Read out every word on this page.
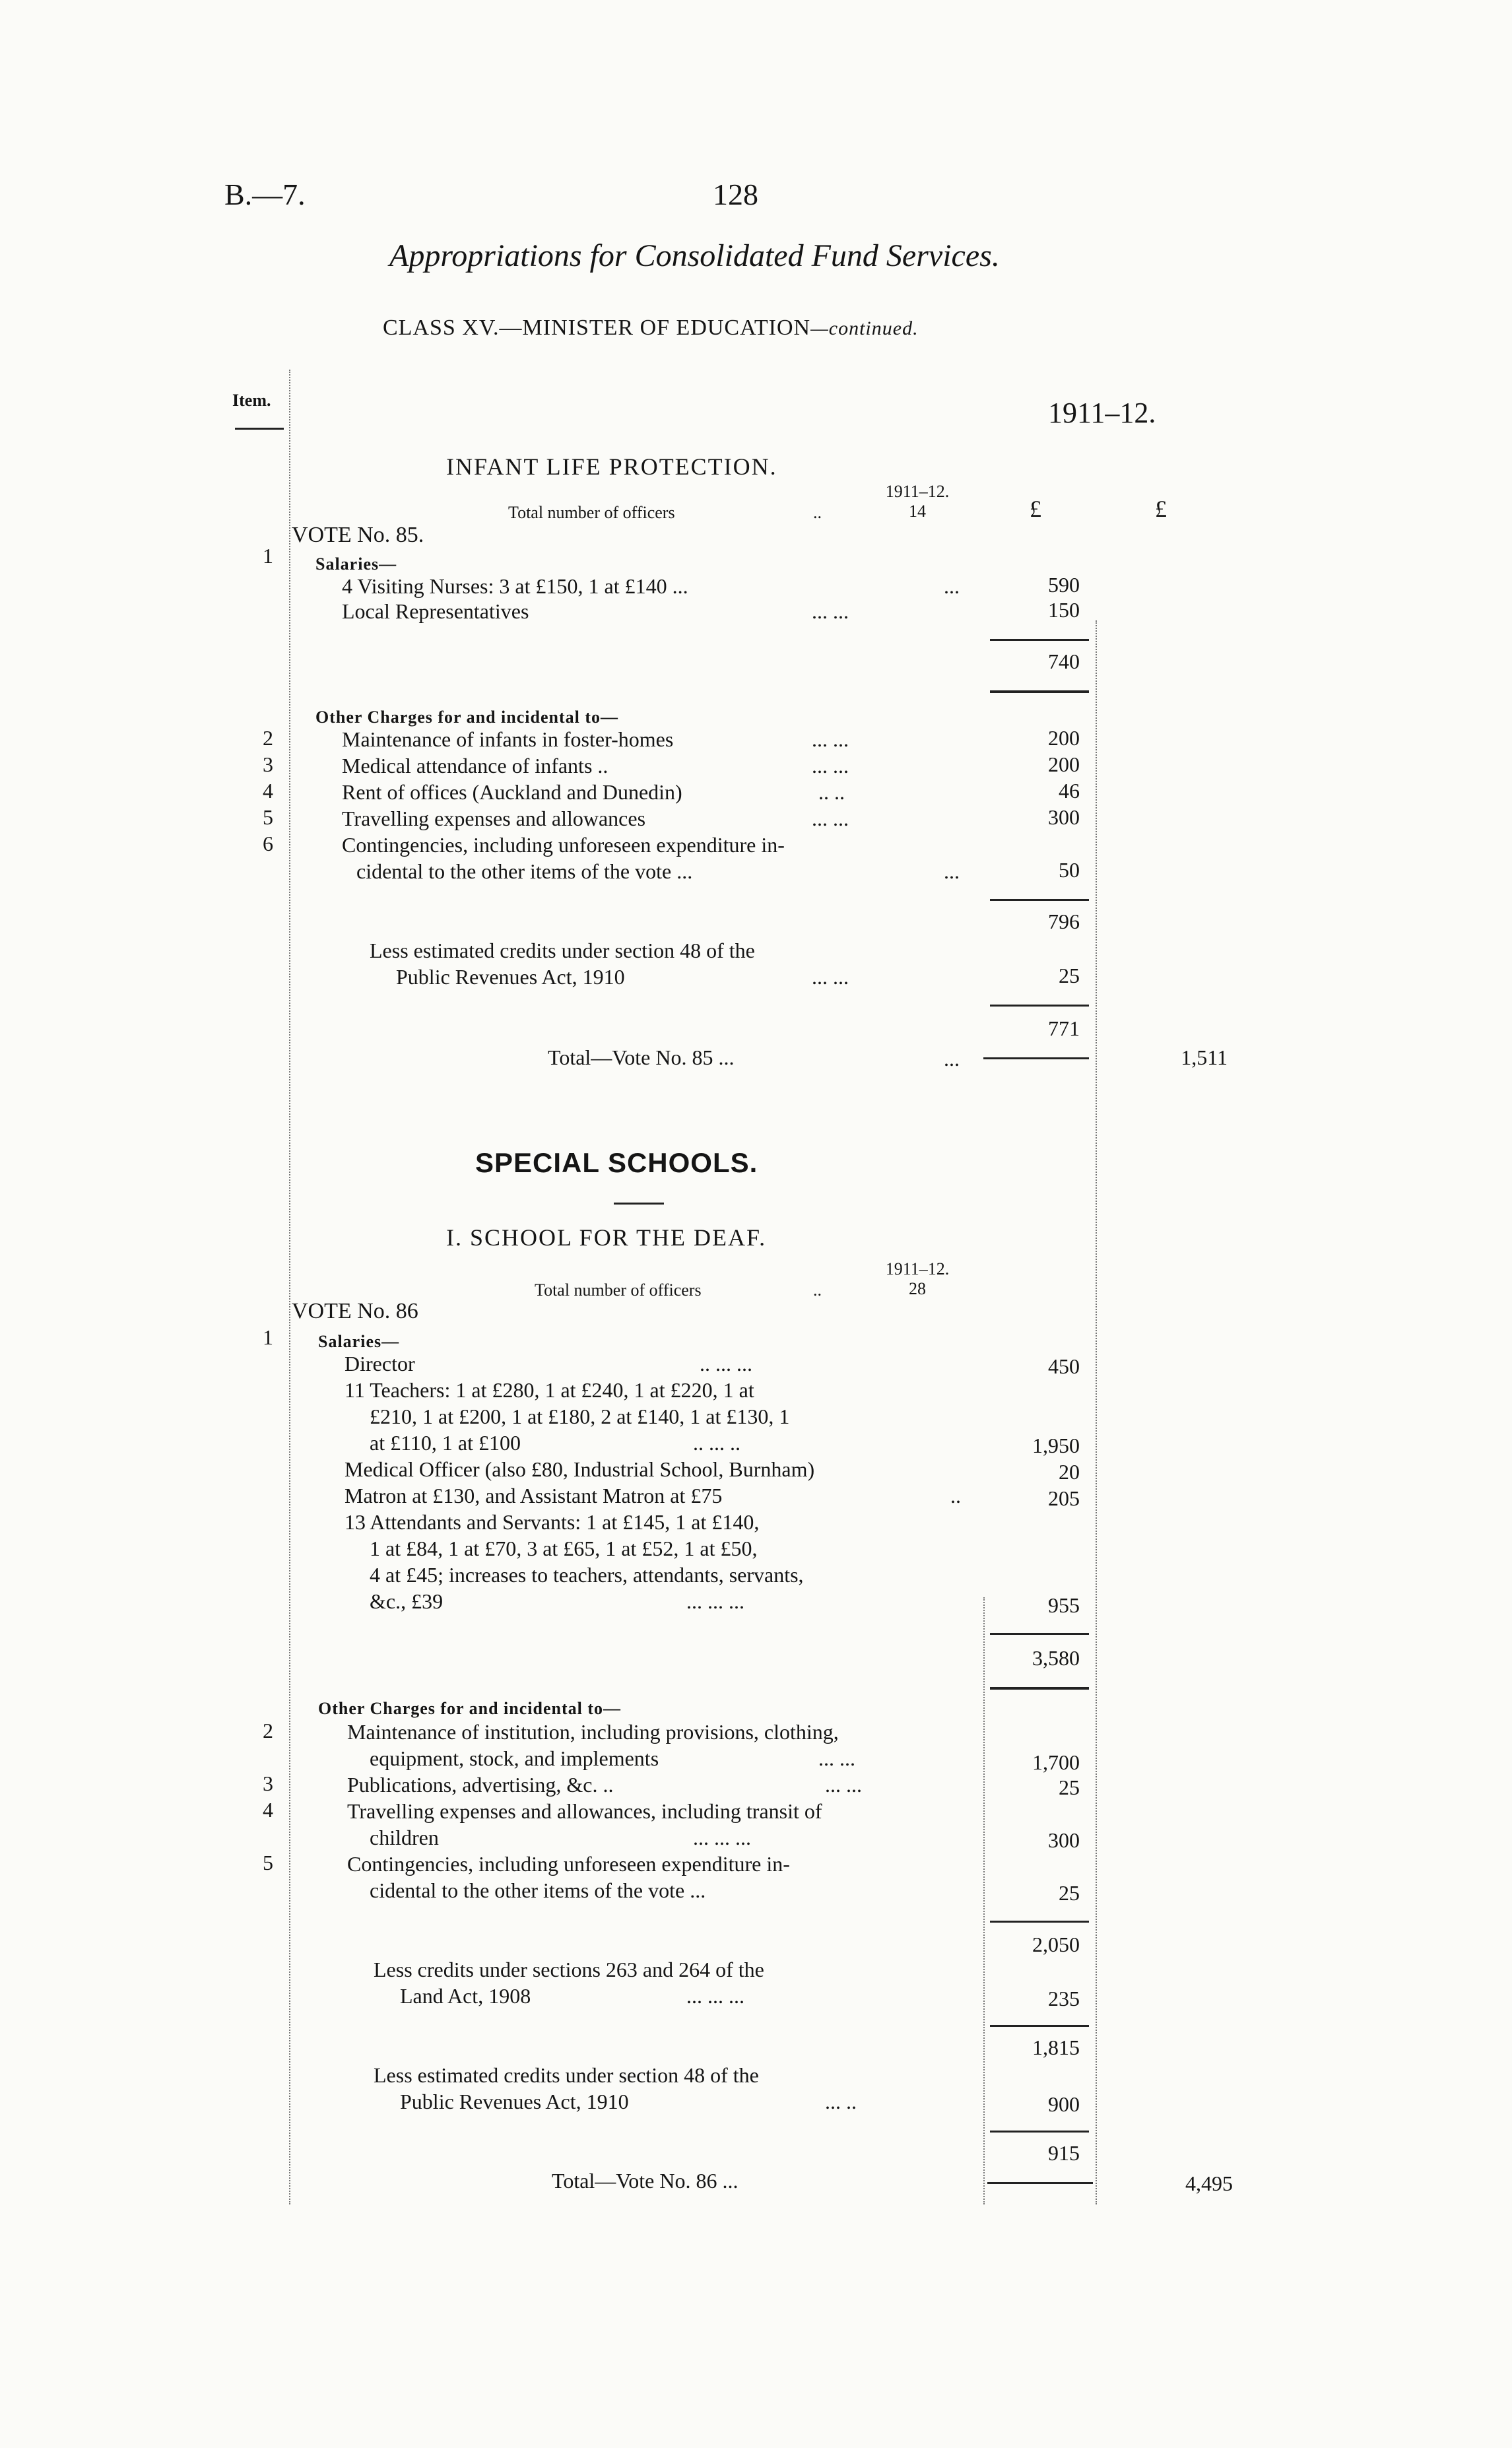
B.—7.	128
Appropriations for Consolidated Fund Services.
CLASS XV.—MINISTER OF EDUCATION—continued.
Item.	1911–12.
£	£
INFANT LIFE PROTECTION.
Total number of officers	..
1911–12.
14
VOTE No. 85.
1	Salaries—
4 Visiting Nurses: 3 at £150, 1 at £140 ...	...	590
Local Representatives	... ...	150
740
Other Charges for and incidental to—
2	Maintenance of infants in foster-homes	... ...	200
3	Medical attendance of infants ..	... ...	200
4	Rent of offices (Auckland and Dunedin)	.. ..	46
5	Travelling expenses and allowances	... ...	300
6	Contingencies, including unforeseen expenditure in-
cidental to the other items of the vote ...	...	50
796
Less estimated credits under section 48 of the
Public Revenues Act, 1910	... ...	25
771
Total—Vote No. 85 ...	...	1,511
SPECIAL SCHOOLS.
I. SCHOOL FOR THE DEAF.
Total number of officers	..
1911–12.
28
VOTE No. 86
1	Salaries—
Director	.. ... ...	450
11 Teachers: 1 at £280, 1 at £240, 1 at £220, 1 at
£210, 1 at £200, 1 at £180, 2 at £140, 1 at £130, 1
at £110, 1 at £100	.. ... ..	1,950
Medical Officer (also £80, Industrial School, Burnham)	20
Matron at £130, and Assistant Matron at £75	..	205
13 Attendants and Servants: 1 at £145, 1 at £140,
1 at £84, 1 at £70, 3 at £65, 1 at £52, 1 at £50,
4 at £45; increases to teachers, attendants, servants,
&c., £39	... ... ...	955
3,580
Other Charges for and incidental to—
2	Maintenance of institution, including provisions, clothing,
equipment, stock, and implements	... ...	1,700
3	Publications, advertising, &c. ..	... ...	25
4	Travelling expenses and allowances, including transit of
children	... ... ...	300
5	Contingencies, including unforeseen expenditure in-
cidental to the other items of the vote ...	25
2,050
Less credits under sections 263 and 264 of the
Land Act, 1908	... ... ...	235
1,815
Less estimated credits under section 48 of the
Public Revenues Act, 1910	... ..	900
915
Total—Vote No. 86 ...	4,495
